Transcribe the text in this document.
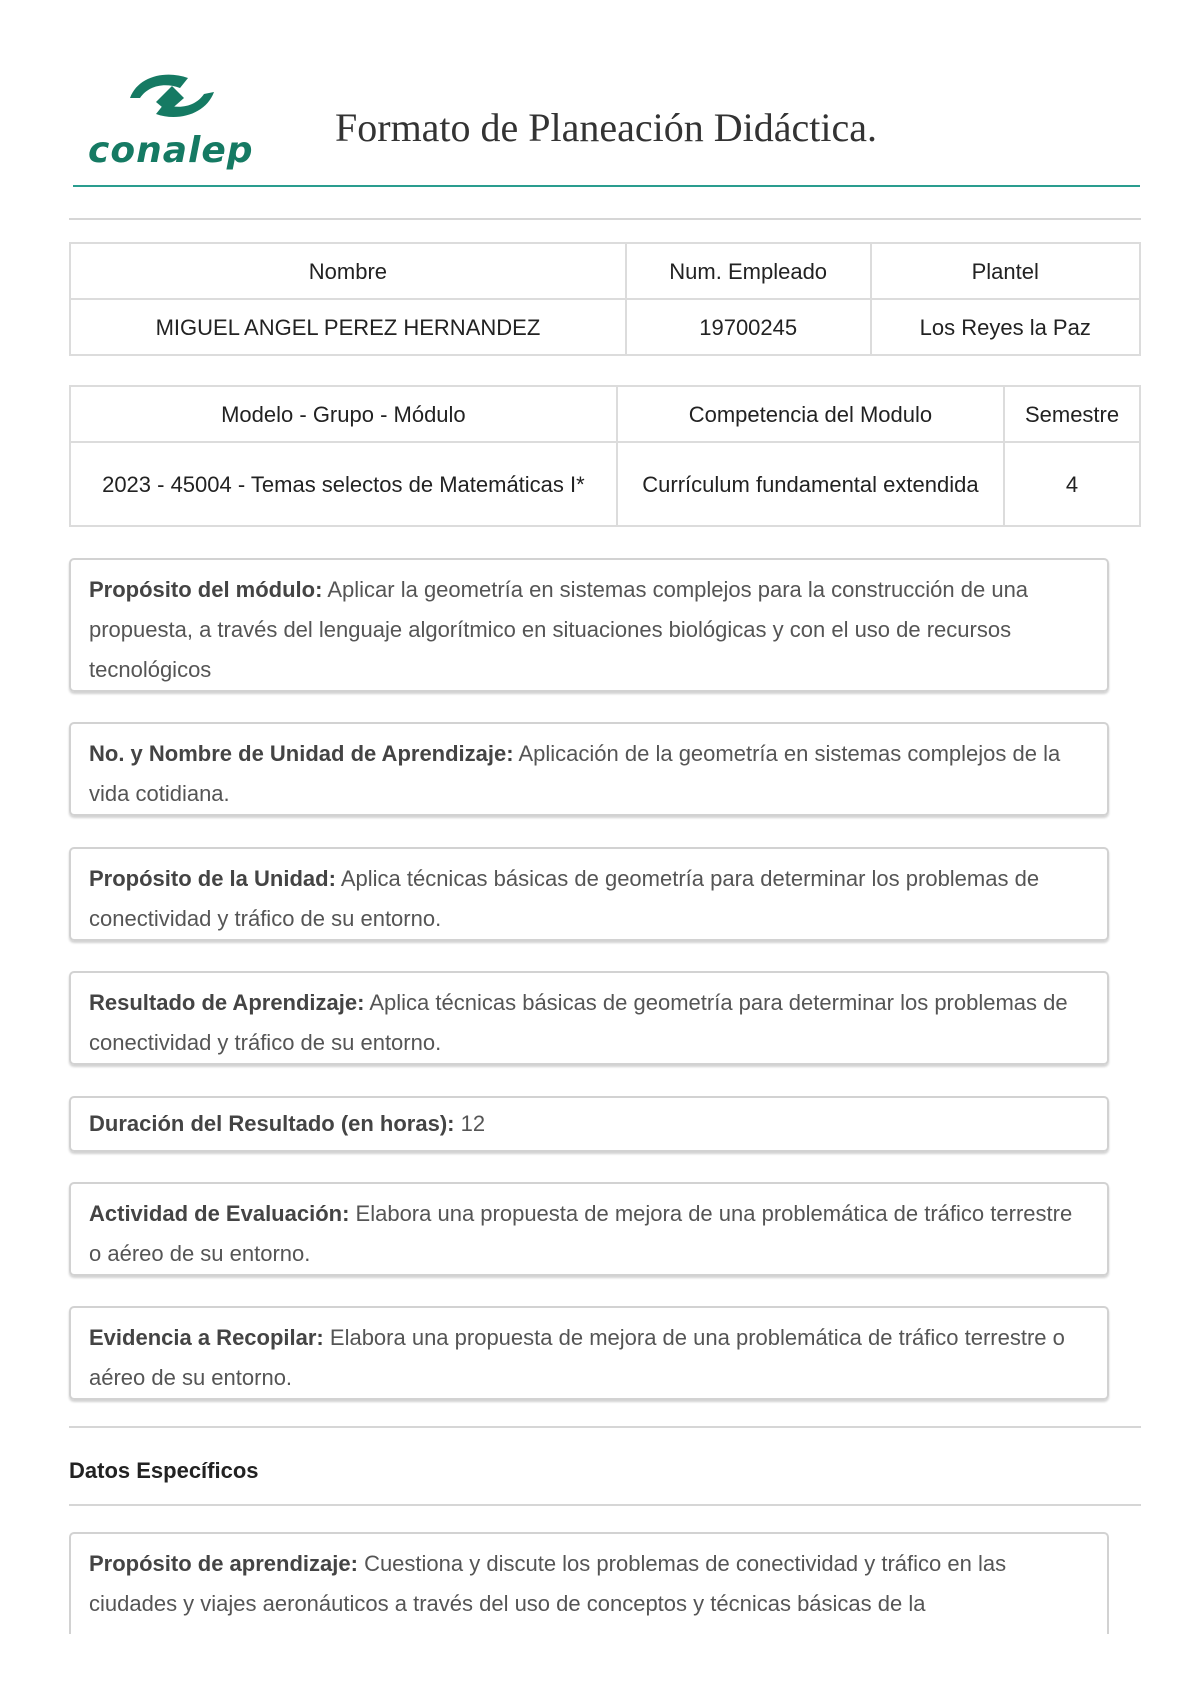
conalep
Formato de Planeación Didáctica.
Nombre	Num. Empleado	Plantel
MIGUEL ANGEL PEREZ HERNANDEZ	19700245	Los Reyes la Paz
Modelo - Grupo - Módulo	Competencia del Modulo	Semestre
2023 - 45004 - Temas selectos de Matemáticas I*	Currículum fundamental extendida	4
Propósito del módulo: Aplicar la geometría en sistemas complejos para la construcción de una propuesta, a través del lenguaje algorítmico en situaciones biológicas y con el uso de recursos tecnológicos
No. y Nombre de Unidad de Aprendizaje: Aplicación de la geometría en sistemas complejos de la vida cotidiana.
Propósito de la Unidad: Aplica técnicas básicas de geometría para determinar los problemas de conectividad y tráfico de su entorno.
Resultado de Aprendizaje: Aplica técnicas básicas de geometría para determinar los problemas de conectividad y tráfico de su entorno.
Duración del Resultado (en horas): 12
Actividad de Evaluación: Elabora una propuesta de mejora de una problemática de tráfico terrestre o aéreo de su entorno.
Evidencia a Recopilar: Elabora una propuesta de mejora de una problemática de tráfico terrestre o aéreo de su entorno.
Datos Específicos
Propósito de aprendizaje: Cuestiona y discute los problemas de conectividad y tráfico en las ciudades y viajes aeronáuticos a través del uso de conceptos y técnicas básicas de la
